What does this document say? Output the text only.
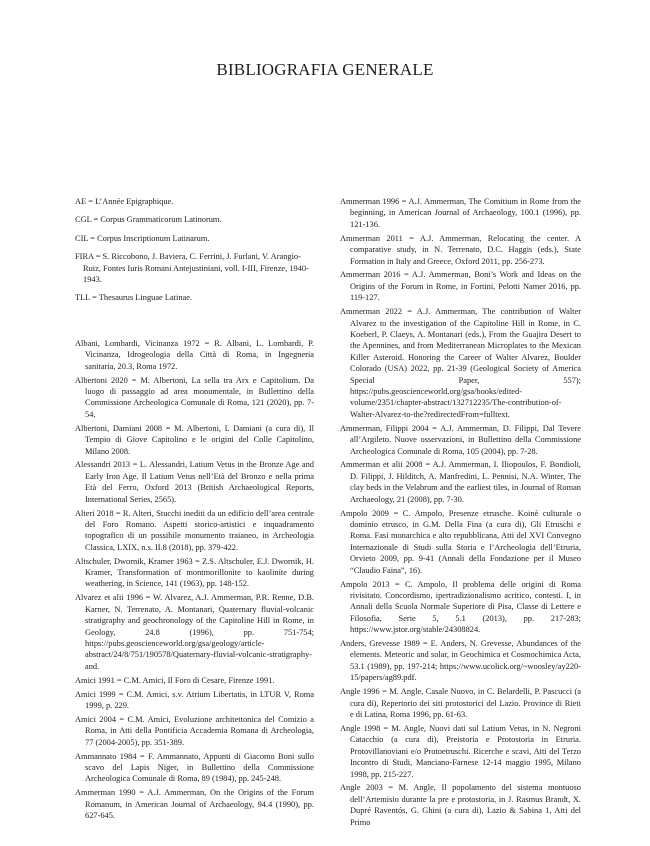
BIBLIOGRAFIA GENERALE

AE = L’Année Epigraphique.

CGL = Corpus Grammaticorum Latinorum.

CIL = Corpus Inscriptionum Latinarum.

FIRA = S. Riccobono, J. Baviera, C. Ferrini, J. Furlani, V. Arangio-Ruiz, Fontes Iuris Romani Antejustiniani, voll. I-III, Firenze, 1940-1943.

TLL = Thesaurus Linguae Latinae.

Albani, Lombardi, Vicinanza 1972 = R. Albani, L. Lombardi, P. Vicinanza, Idrogeologia della Città di Roma, in Ingegneria sanitaria, 20.3, Roma 1972.

Albertoni 2020 = M. Albertoni, La sella tra Arx e Capitolium. Da luogo di passaggio ad area monumentale, in Bullettino della Commissione Archeologica Comunale di Roma, 121 (2020), pp. 7-54.

Albertoni, Damiani 2008 = M. Albertoni, I. Damiani (a cura di), Il Tempio di Giove Capitolino e le origini del Colle Capitolino, Milano 2008.

Alessandri 2013 = L. Alessandri, Latium Vetus in the Bronze Age and Early Iron Age. Il Latium Vetus nell’Età del Bronzo e nella prima Età del Ferro, Oxford 2013 (British Archaeological Reports, International Series, 2565).

Alteri 2018 = R. Alteri, Stucchi inediti da un edificio dell’area centrale del Foro Romano. Aspetti storico-artistici e inquadramento topografico di un possibile monumento traianeo, in Archeologia Classica, LXIX, n.s. II.8 (2018), pp. 379-422.

Altschuler, Dwornik, Kramer 1963 = Z.S. Altschuler, E.J. Dwornik, H. Kramer, Transformation of montmorillonite to kaolinite during weathering, in Science, 141 (1963), pp. 148-152.

Alvarez et alii 1996 = W. Alvarez, A.J. Ammerman, P.R. Renne, D.B. Karner, N. Terrenato, A. Montanari, Quaternary fluvial-volcanic stratigraphy and geochronology of the Capitoline Hill in Rome, in Geology, 24.8 (1996), pp. 751-754; https://pubs.geoscienceworld.org/gsa/geology/article-abstract/24/8/751/190578/Quaternary-fluvial-volcanic-stratigraphy-and.

Amici 1991 = C.M. Amici, Il Foro di Cesare, Firenze 1991.

Amici 1999 = C.M. Amici, s.v. Atrium Libertatis, in LTUR V, Roma 1999, p. 229.

Amici 2004 = C.M. Amici, Evoluzione architettonica del Comizio a Roma, in Atti della Pontificia Accademia Romana di Archeologia, 77 (2004-2005), pp. 351-389.

Ammannato 1984 = F. Ammannato, Appunti di Giacomo Boni sullo scavo del Lapis Niger, in Bullettino della Commissione Archeologica Comunale di Roma, 89 (1984), pp. 245-248.

Ammerman 1990 = A.J. Ammerman, On the Origins of the Forum Romanum, in American Journal of Archaeology, 94.4 (1990), pp. 627-645.

Ammerman 1996 = A.J. Ammerman, The Comitium in Rome from the beginning, in American Journal of Archaeology, 100.1 (1996), pp. 121-136.

Ammerman 2011 = A.J. Ammerman, Relocating the center. A comparative study, in N. Terrenato, D.C. Haggis (eds.), State Formation in Italy and Greece, Oxford 2011, pp. 256-273.

Ammerman 2016 = A.J. Ammerman, Boni’s Work and Ideas on the Origins of the Forum in Rome, in Fortini, Pelotti Namer 2016, pp. 119-127.

Ammerman 2022 = A.J. Ammerman, The contribution of Walter Alvarez to the investigation of the Capitoline Hill in Rome, in C. Koeberl, P. Claeys, A. Montanari (eds.), From the Guajira Desert to the Apennines, and from Mediterranean Microplates to the Mexican Killer Asteroid. Honoring the Career of Walter Alvarez, Boulder Colorado (USA) 2022, pp. 21-39 (Geological Society of America Special Paper, 557); https://pubs.geoscienceworld.org/gsa/books/edited-volume/2351/chapter-abstract/132712235/The-contribution-of-Walter-Alvarez-to-the?redirectedFrom=fulltext.

Ammerman, Filippi 2004 = A.J. Ammerman, D. Filippi, Dal Tevere all’Argileto. Nuove osservazioni, in Bullettino della Commissione Archeologica Comunale di Roma, 105 (2004), pp. 7-28.

Ammerman et alii 2008 = A.J. Ammerman, I. Iliopoulos, F. Bondioli, D. Filippi, J. Hilditch, A. Manfredini, L. Pennisi, N.A. Winter, The clay beds in the Velabrum and the earliest tiles, in Journal of Roman Archaeology, 21 (2008), pp. 7-30.

Ampolo 2009 = C. Ampolo, Presenze etrusche. Koinè culturale o dominio etrusco, in G.M. Della Fina (a cura di), Gli Etruschi e Roma. Fasi monarchica e alto repubblicana, Atti del XVI Convegno Internazionale di Studi sulla Storia e l’Archeologia dell’Etruria, Orvieto 2009, pp. 9-41 (Annali della Fondazione per il Museo “Claudio Faina”, 16).

Ampolo 2013 = C. Ampolo, Il problema delle origini di Roma rivisitato. Concordismo, ipertradizionalismo acritico, contesti. I, in Annali della Scuola Normale Superiore di Pisa, Classe di Lettere e Filosofia, Serie 5, 5.1 (2013), pp. 217-283; https://www.jstor.org/stable/24308824.

Anders, Grevesse 1989 = E. Anders, N. Grevesse, Abundances of the elements. Meteoric and solar, in Geochimica et Cosmochimica Acta, 53.1 (1989), pp. 197-214; https://www.ucolick.org/~woosley/ay220-15/papers/ag89.pdf.

Angle 1996 = M. Angle, Casale Nuovo, in C. Belardelli, P. Pascucci (a cura di), Repertorio dei siti protostorici del Lazio. Province di Rieti e di Latina, Roma 1996, pp. 61-63.

Angle 1998 = M. Angle, Nuovi dati sul Latium Vetus, in N. Negroni Catacchio (a cura di), Preistoria e Protostoria in Etruria. Protovillanoviani e/o Protoetruschi. Ricerche e scavi, Atti del Terzo Incontro di Studi, Manciano-Farnese 12-14 maggio 1995, Milano 1998, pp. 215-227.

Angle 2003 = M. Angle, Il popolamento del sistema montuoso dell’Artemisio durante la pre e protostoria, in J. Rasmus Brandt, X. Dupré Raventós, G. Ghini (a cura di), Lazio & Sabina 1, Atti del Primo
